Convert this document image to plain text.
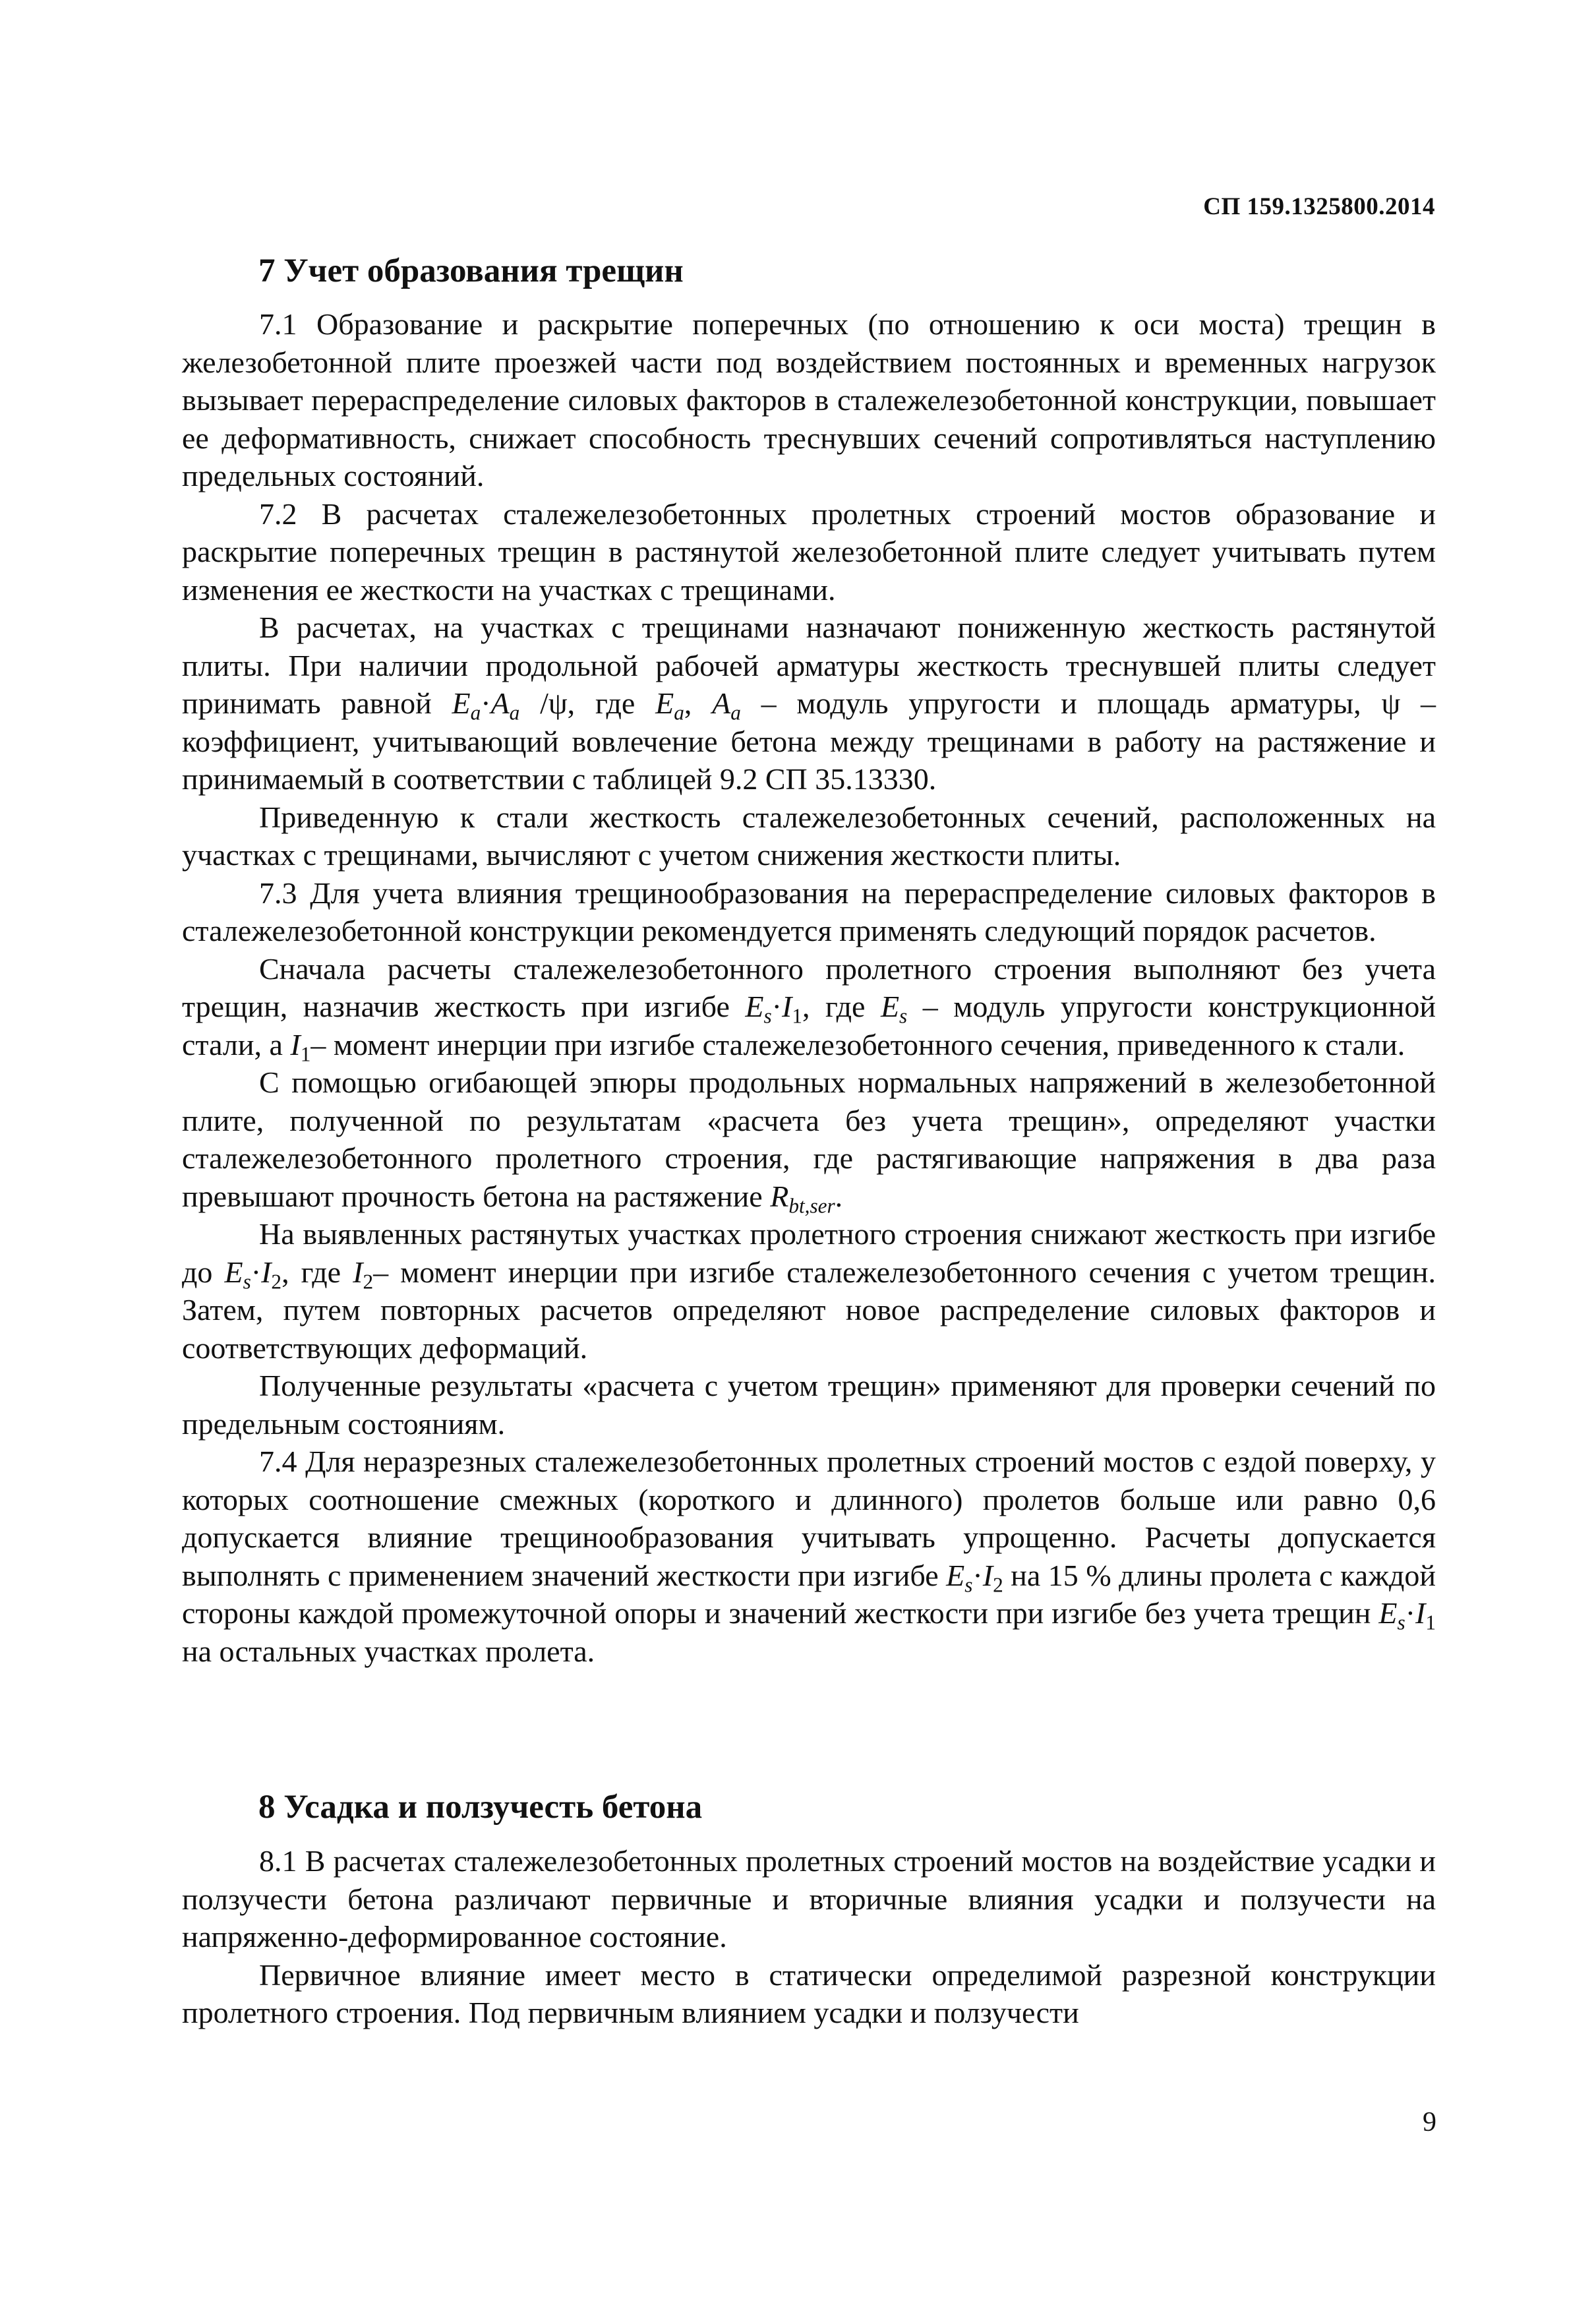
СП 159.1325800.2014
7 Учет образования трещин

7.1 Образование и раскрытие поперечных (по отношению к оси моста) трещин в железобетонной плите проезжей части под воздействием постоянных и временных нагрузок вызывает перераспределение силовых факторов в сталежелезобетонной конструкции, повышает ее деформативность, снижает способность треснувших сечений сопротивляться наступлению предельных состояний.

7.2 В расчетах сталежелезобетонных пролетных строений мостов образование и раскрытие поперечных трещин в растянутой железобетонной плите следует учитывать путем изменения ее жесткости на участках с трещинами.

В расчетах, на участках с трещинами назначают пониженную жесткость растянутой плиты. При наличии продольной рабочей арматуры жесткость треснувшей плиты следует принимать равной $E_a\cdot A_a$ /ψ, где $E_a$, $A_a$ – модуль упругости и площадь арматуры, ψ – коэффициент, учитывающий вовлечение бетона между трещинами в работу на растяжение и принимаемый в соответствии с таблицей 9.2 СП 35.13330.

Приведенную к стали жесткость сталежелезобетонных сечений, расположенных на участках с трещинами, вычисляют с учетом снижения жесткости плиты.

7.3 Для учета влияния трещинообразования на перераспределение силовых факторов в сталежелезобетонной конструкции рекомендуется применять следующий порядок расчетов.

Сначала расчеты сталежелезобетонного пролетного строения выполняют без учета трещин, назначив жесткость при изгибе $E_s\cdot I_1$, где $E_s$ – модуль упругости конструкционной стали, а $I_1-$ момент инерции при изгибе сталежелезобетонного сечения, приведенного к стали.

С помощью огибающей эпюры продольных нормальных напряжений в железобетонной плите, полученной по результатам «расчета без учета трещин», определяют участки сталежелезобетонного пролетного строения, где растягивающие напряжения в два раза превышают прочность бетона на растяжение $R_{bt,ser}$.

На выявленных растянутых участках пролетного строения снижают жесткость при изгибе до $E_s\cdot I_2$, где $I_2-$ момент инерции при изгибе сталежелезобетонного сечения с учетом трещин. Затем, путем повторных расчетов определяют новое распределение силовых факторов и соответствующих деформаций.

Полученные результаты «расчета с учетом трещин» применяют для проверки сечений по предельным состояниям.

7.4 Для неразрезных сталежелезобетонных пролетных строений мостов с ездой поверху, у которых соотношение смежных (короткого и длинного) пролетов больше или равно 0,6 допускается влияние трещинообразования учитывать упрощенно. Расчеты допускается выполнять с применением значений жесткости при изгибе $E_s\cdot I_2$ на 15 % длины пролета с каждой стороны каждой промежуточной опоры и значений жесткости при изгибе без учета трещин $E_s\cdot I_1$ на остальных участках пролета.

8 Усадка и ползучесть бетона

8.1 В расчетах сталежелезобетонных пролетных строений мостов на воздействие усадки и ползучести бетона различают первичные и вторичные влияния усадки и ползучести на напряженно-деформированное состояние.

Первичное влияние имеет место в статически определимой разрезной конструкции пролетного строения. Под первичным влиянием усадки и ползучести

9
